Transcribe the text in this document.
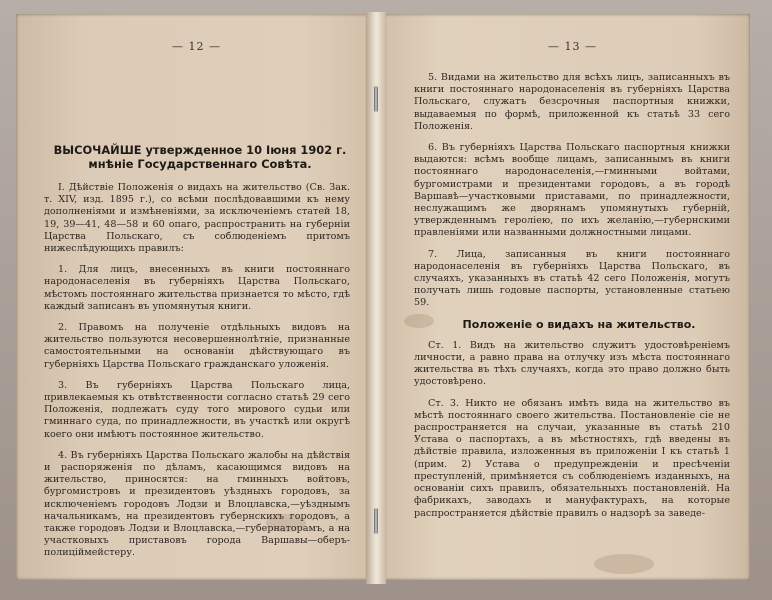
— 12 —
ВЫСОЧАЙШЕ утвержденное 10 Іюня 1902 г. мнѣніе Государственнаго Совѣта.

I. Дѣйствіе Положенія о видахъ на жительство (Св. Зак. т. XIV, изд. 1895 г.), со всѣми послѣдовавшими къ нему дополненіями и измѣненіями, за исключеніемъ статей 18, 19, 39—41, 48—58 и 60 опаго, распространить на губерніи Царства Польскаго, съ соблюденіемъ притомъ нижеслѣдующихъ правилъ:

1. Для лицъ, внесенныхъ въ книги постояннаго народонаселенія въ губерніяхъ Царства Польскаго, мѣстомъ постояннаго жительства признается то мѣсто, гдѣ каждый записанъ въ упомянутыя книги.

2. Правомъ на полученіе отдѣльныхъ видовъ на жительство пользуются несовершеннолѣтніе, признанные самостоятельными на основаніи дѣйствующаго въ губерніяхъ Царства Польскаго гражданскаго уложенія.

3. Въ губерніяхъ Царства Польскаго лица, привлекаемыя къ отвѣтственности согласно статьѣ 29 сего Положенія, подлежатъ суду того мирового судьи или гминнаго суда, по принадлежности, въ участкѣ или округѣ коего они имѣютъ постоянное жительство.

4. Въ губерніяхъ Царства Польскаго жалобы на дѣйствія и распоряженія по дѣламъ, касающимся видовъ на жительство, приносятся: на гминныхъ войтовъ, бургомистровъ и президентовъ уѣздныхъ городовъ, за исключеніемъ городовъ Лодзи и Влоцлавска,—уѣзднымъ начальникамъ, на президентовъ губернскихъ городовъ, а также городовъ Лодзи и Влоцлавска,—губернаторамъ, а на участковыхъ приставовъ города Варшавы—оберъ-полиціймейстеру.

— 13 —

5. Видами на жительство для всѣхъ лицъ, записанныхъ въ книги постояннаго народонаселенія въ губерніяхъ Царства Польскаго, служатъ безсрочныя паспортныя книжки, выдаваемыя по формѣ, приложенной къ статьѣ 33 сего Положенія.

6. Въ губерніяхъ Царства Польскаго паспортныя книжки выдаются: всѣмъ вообще лицамъ, записаннымъ въ книги постояннаго народонаселенія,—гминными войтами, бургомистрами и президентами городовъ, а въ городѣ Варшавѣ—участковыми приставами, по принадлежности, неслужащимъ же дворянамъ упомянутыхъ губерній, утвержденнымъ героліею, по ихъ желанію,—губернскими правленіями или названными должностными лицами.

7. Лица, записанныя въ книги постояннаго народонаселенія въ губерніяхъ Царства Польскаго, въ случаяхъ, указанныхъ въ статьѣ 42 сего Положенія, могутъ получать лишь годовые паспорты, установленные статьею 59.

Положеніе о видахъ на жительство.

Ст. 1. Видъ на жительство служитъ удостовѣреніемъ личности, а равно права на отлучку изъ мѣста постояннаго жительства въ тѣхъ случаяхъ, когда это право должно быть удостовѣрено.

Ст. 3. Никто не обязанъ имѣть вида на жительство въ мѣстѣ постояннаго своего жительства. Постановленіе сіе не распространяется на случаи, указанные въ статьѣ 210 Устава о паспортахъ, а въ мѣстностяхъ, гдѣ введены въ дѣйствіе правила, изложенныя въ приложеніи I къ статьѣ 1 (прим. 2) Устава о предупрежденіи и пресѣченіи преступленій, примѣняется съ соблюденіемъ изданныхъ, на основаніи сихъ правилъ, обязательныхъ постановленій. На фабрикахъ, заводахъ и мануфактурахъ, на которые распространяется дѣйствіе правилъ о надзорѣ за заведе-
